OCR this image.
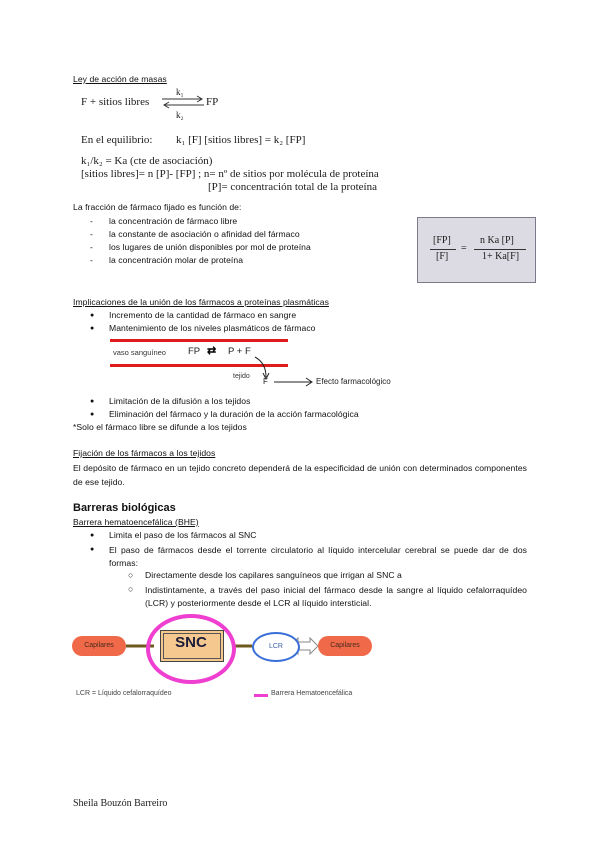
Ley de acción de masas
F + sitios libres
k₁
k₂
FP
En el equilibrio: k₁ [F] [sitios libres] = k₂ [FP]
k₁/k₂ = Ka (cte de asociación)
[sitios libres]= n [P]- [FP] ; n= nº de sitios por molécula de proteína
[P]= concentración total de la proteína
La fracción de fármaco fijado es función de:
- la concentración de fármaco libre
- la constante de asociación o afinidad del fármaco
- los lugares de unión disponibles por mol de proteína
- la concentración molar de proteína
[FP]
[F]
=
n Ka [P]
1+ Ka[F]
Implicaciones de la unión de los fármacos a proteínas plasmáticas
● Incremento de la cantidad de fármaco en sangre
● Mantenimiento de los niveles plasmáticos de fármaco
vaso sanguíneo FP ⇄ P + F
tejido
F	Efecto farmacológico
● Limitación de la difusión a los tejidos
● Eliminación del fármaco y la duración de la acción farmacológica
*Solo el fármaco libre se difunde a los tejidos
Fijación de los fármacos a los tejidos
El depósito de fármaco en un tejido concreto dependerá de la especificidad de unión con determinados componentes de ese tejido.
Barreras biológicas
Barrera hematoencefálica (BHE)
● Limita el paso de los fármacos al SNC
● El paso de fármacos desde el torrente circulatorio al líquido intercelular cerebral se puede dar de dos formas:
○ Directamente desde los capilares sanguíneos que irrigan al SNC a
○ Indistintamente, a través del paso inicial del fármaco desde la sangre al líquido cefalorraquídeo (LCR) y posteriormente desde el LCR al líquido intersticial.
Capilares	SNC	LCR	Capilares
LCR = Líquido cefalorraquídeo	Barrera Hematoencefálica
Sheila Bouzón Barreiro
